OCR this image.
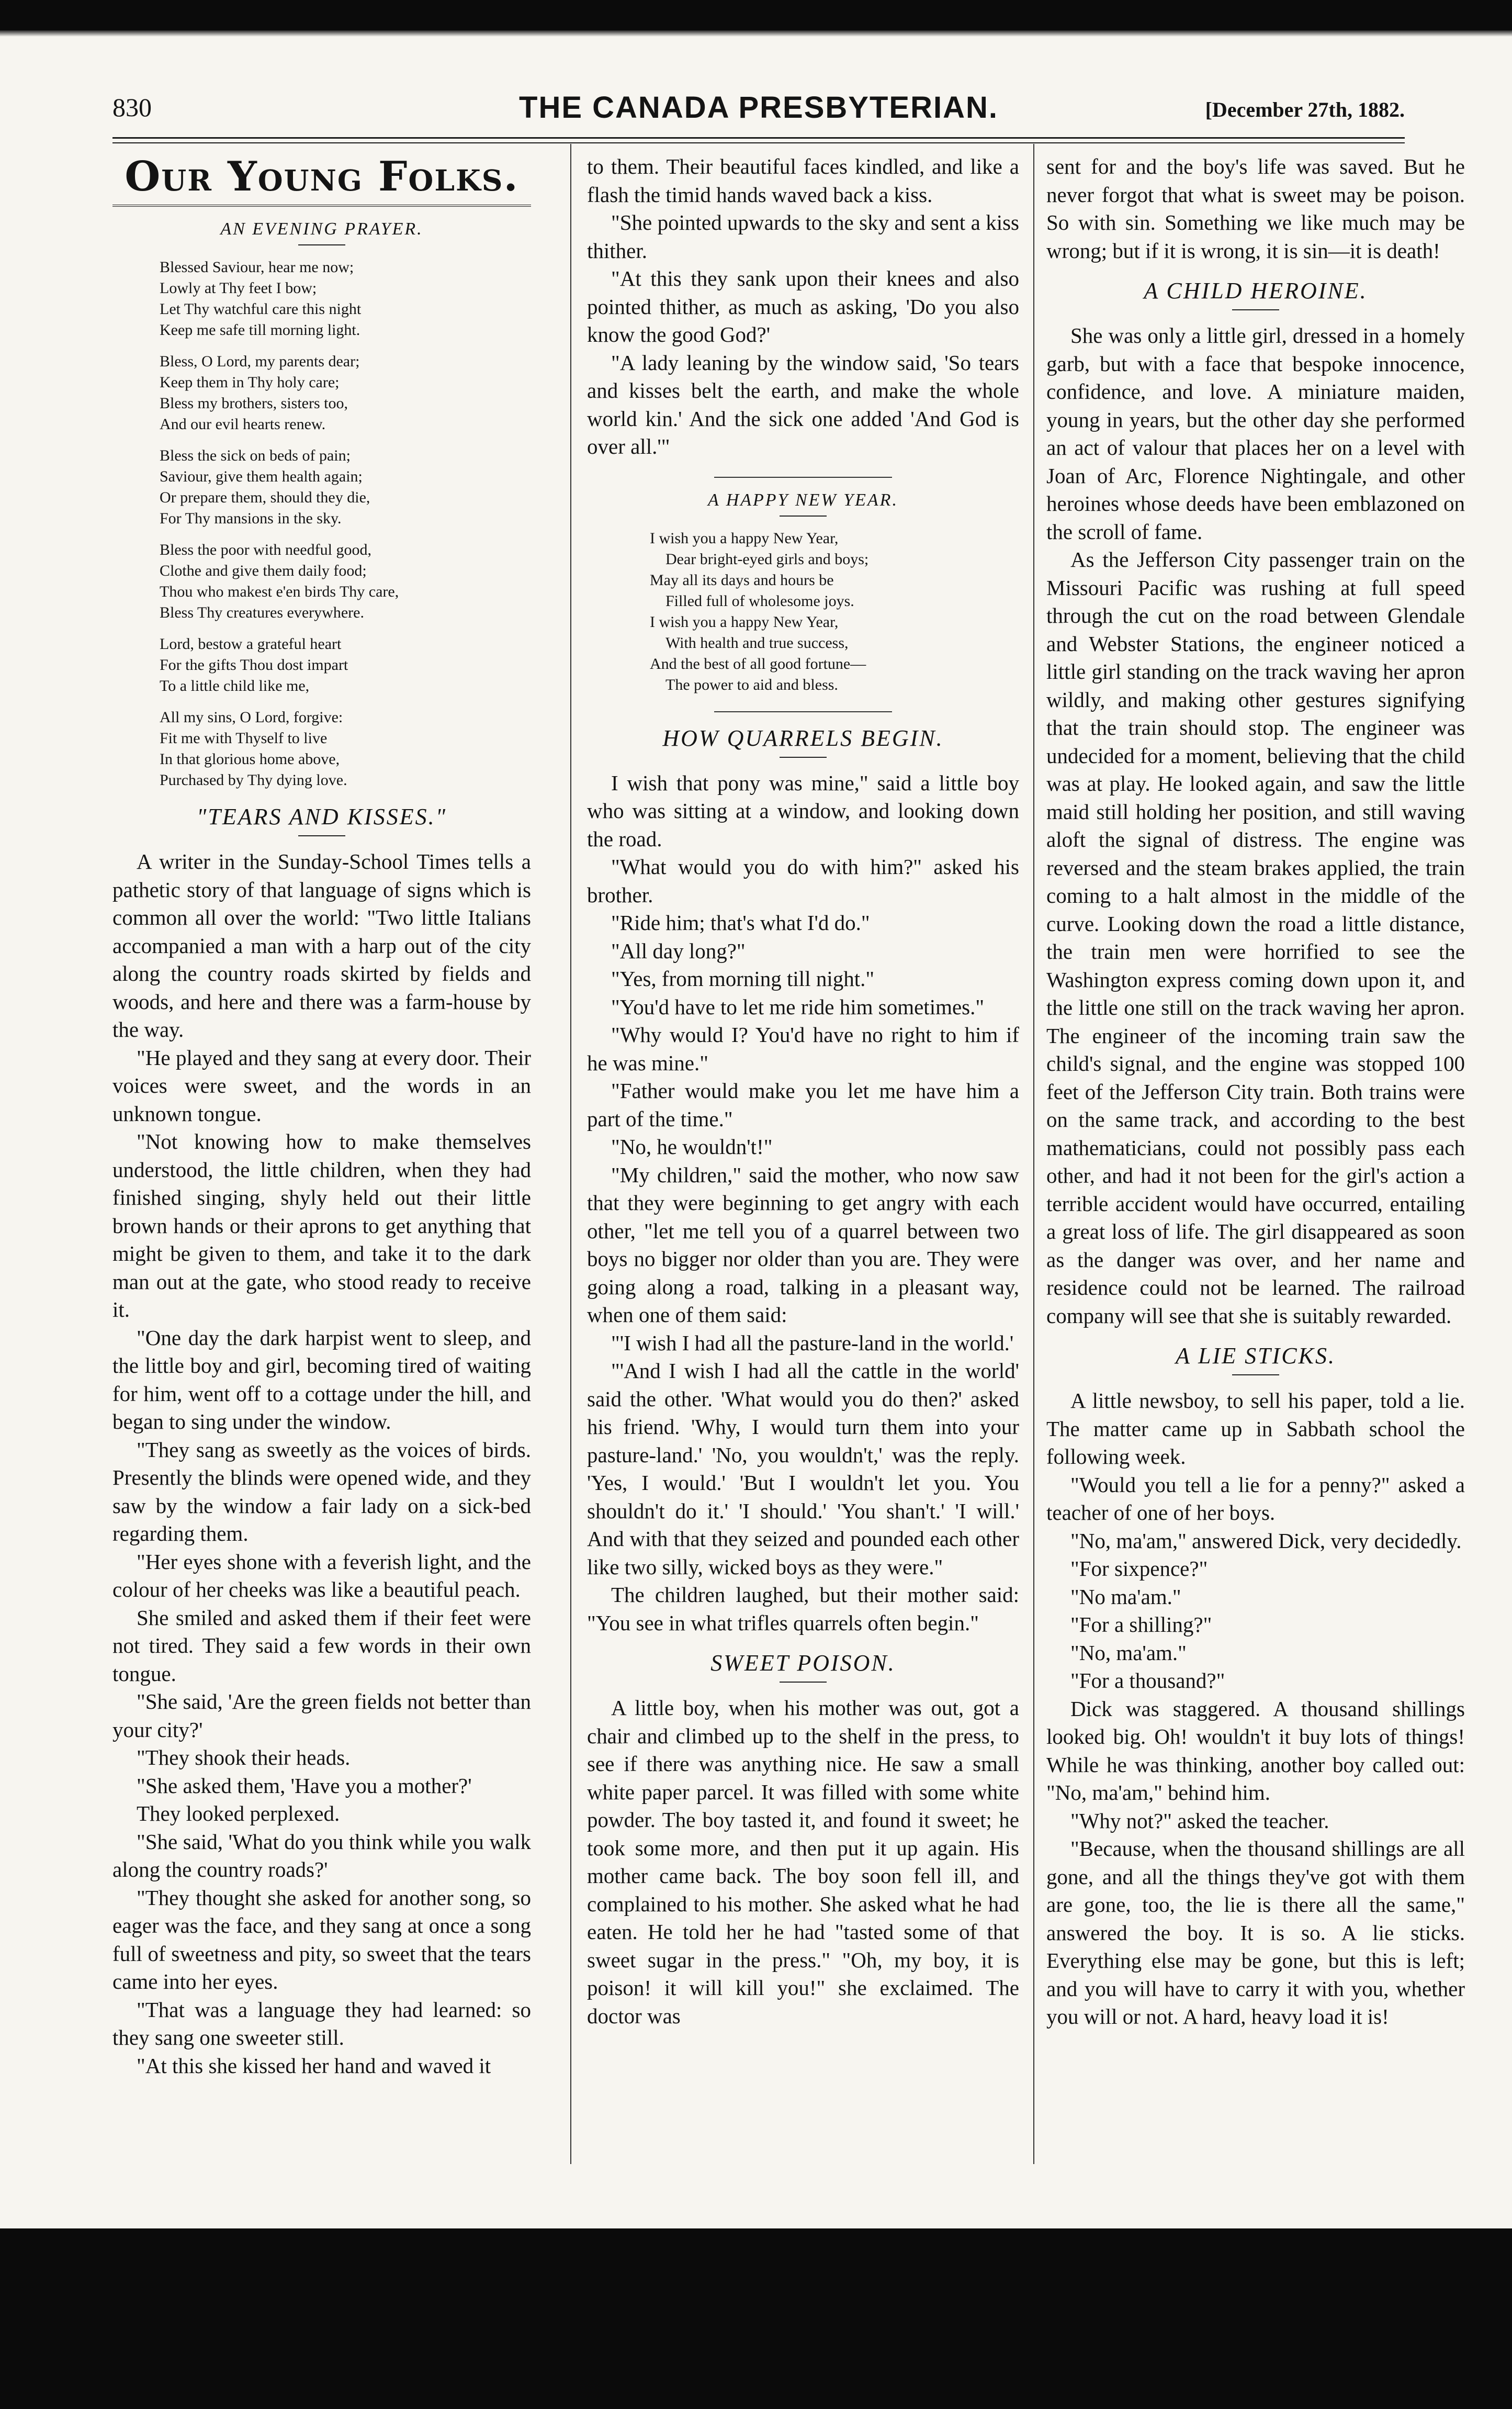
830	THE CANADA PRESBYTERIAN.	[December 27th, 1882.
Our Young Folks.
AN EVENING PRAYER.
Blessed Saviour, hear me now;
Lowly at Thy feet I bow;
Let Thy watchful care this night
Keep me safe till morning light.
Bless, O Lord, my parents dear;
Keep them in Thy holy care;
Bless my brothers, sisters too,
And our evil hearts renew.
Bless the sick on beds of pain;
Saviour, give them health again;
Or prepare them, should they die,
For Thy mansions in the sky.
Bless the poor with needful good,
Clothe and give them daily food;
Thou who makest e'en birds Thy care,
Bless Thy creatures everywhere.
Lord, bestow a grateful heart
For the gifts Thou dost impart
To a little child like me,
All my sins, O Lord, forgive:
Fit me with Thyself to live
In that glorious home above,
Purchased by Thy dying love.
"TEARS AND KISSES."

A writer in the Sunday-School Times tells a pathetic story of that language of signs which is common all over the world: "Two little Italians accompanied a man with a harp out of the city along the country roads skirted by fields and woods, and here and there was a farm-house by the way.

"He played and they sang at every door. Their voices were sweet, and the words in an unknown tongue.

"Not knowing how to make themselves understood, the little children, when they had finished singing, shyly held out their little brown hands or their aprons to get anything that might be given to them, and take it to the dark man out at the gate, who stood ready to receive it.

"One day the dark harpist went to sleep, and the little boy and girl, becoming tired of waiting for him, went off to a cottage under the hill, and began to sing under the window.

"They sang as sweetly as the voices of birds. Presently the blinds were opened wide, and they saw by the window a fair lady on a sick-bed regarding them.

"Her eyes shone with a feverish light, and the colour of her cheeks was like a beautiful peach.

She smiled and asked them if their feet were not tired. They said a few words in their own tongue.

"She said, 'Are the green fields not better than your city?'

"They shook their heads.

"She asked them, 'Have you a mother?'

They looked perplexed.

"She said, 'What do you think while you walk along the country roads?'

"They thought she asked for another song, so eager was the face, and they sang at once a song full of sweetness and pity, so sweet that the tears came into her eyes.

"That was a language they had learned: so they sang one sweeter still.

"At this she kissed her hand and waved it

to them. Their beautiful faces kindled, and like a flash the timid hands waved back a kiss.

"She pointed upwards to the sky and sent a kiss thither.

"At this they sank upon their knees and also pointed thither, as much as asking, 'Do you also know the good God?'

"A lady leaning by the window said, 'So tears and kisses belt the earth, and make the whole world kin.' And the sick one added 'And God is over all.'"

A HAPPY NEW YEAR.
I wish you a happy New Year,
Dear bright-eyed girls and boys;
May all its days and hours be
Filled full of wholesome joys.
I wish you a happy New Year,
With health and true success,
And the best of all good fortune—
The power to aid and bless.
HOW QUARRELS BEGIN.

I wish that pony was mine," said a little boy who was sitting at a window, and looking down the road.

"What would you do with him?" asked his brother.

"Ride him; that's what I'd do."

"All day long?"

"Yes, from morning till night."

"You'd have to let me ride him sometimes."

"Why would I? You'd have no right to him if he was mine."

"Father would make you let me have him a part of the time."

"No, he wouldn't!"

"My children," said the mother, who now saw that they were beginning to get angry with each other, "let me tell you of a quarrel between two boys no bigger nor older than you are. They were going along a road, talking in a pleasant way, when one of them said:

"'I wish I had all the pasture-land in the world.'

"'And I wish I had all the cattle in the world' said the other. 'What would you do then?' asked his friend. 'Why, I would turn them into your pasture-land.' 'No, you wouldn't,' was the reply. 'Yes, I would.' 'But I wouldn't let you. You shouldn't do it.' 'I should.' 'You shan't.' 'I will.' And with that they seized and pounded each other like two silly, wicked boys as they were."

The children laughed, but their mother said: "You see in what trifles quarrels often begin."

SWEET POISON.

A little boy, when his mother was out, got a chair and climbed up to the shelf in the press, to see if there was anything nice. He saw a small white paper parcel. It was filled with some white powder. The boy tasted it, and found it sweet; he took some more, and then put it up again. His mother came back. The boy soon fell ill, and complained to his mother. She asked what he had eaten. He told her he had "tasted some of that sweet sugar in the press." "Oh, my boy, it is poison! it will kill you!" she exclaimed. The doctor was

sent for and the boy's life was saved. But he never forgot that what is sweet may be poison. So with sin. Something we like much may be wrong; but if it is wrong, it is sin—it is death!

A CHILD HEROINE.

She was only a little girl, dressed in a homely garb, but with a face that bespoke innocence, confidence, and love. A miniature maiden, young in years, but the other day she performed an act of valour that places her on a level with Joan of Arc, Florence Nightingale, and other heroines whose deeds have been emblazoned on the scroll of fame.

As the Jefferson City passenger train on the Missouri Pacific was rushing at full speed through the cut on the road between Glendale and Webster Stations, the engineer noticed a little girl standing on the track waving her apron wildly, and making other gestures signifying that the train should stop. The engineer was undecided for a moment, believing that the child was at play. He looked again, and saw the little maid still holding her position, and still waving aloft the signal of distress. The engine was reversed and the steam brakes applied, the train coming to a halt almost in the middle of the curve. Looking down the road a little distance, the train men were horrified to see the Washington express coming down upon it, and the little one still on the track waving her apron. The engineer of the incoming train saw the child's signal, and the engine was stopped 100 feet of the Jefferson City train. Both trains were on the same track, and according to the best mathematicians, could not possibly pass each other, and had it not been for the girl's action a terrible accident would have occurred, entailing a great loss of life. The girl disappeared as soon as the danger was over, and her name and residence could not be learned. The railroad company will see that she is suitably rewarded.

A LIE STICKS.

A little newsboy, to sell his paper, told a lie. The matter came up in Sabbath school the following week.

"Would you tell a lie for a penny?" asked a teacher of one of her boys.

"No, ma'am," answered Dick, very decidedly.

"For sixpence?"

"No ma'am."

"For a shilling?"

"No, ma'am."

"For a thousand?"

Dick was staggered. A thousand shillings looked big. Oh! wouldn't it buy lots of things! While he was thinking, another boy called out: "No, ma'am," behind him.

"Why not?" asked the teacher.

"Because, when the thousand shillings are all gone, and all the things they've got with them are gone, too, the lie is there all the same," answered the boy. It is so. A lie sticks. Everything else may be gone, but this is left; and you will have to carry it with you, whether you will or not. A hard, heavy load it is!
